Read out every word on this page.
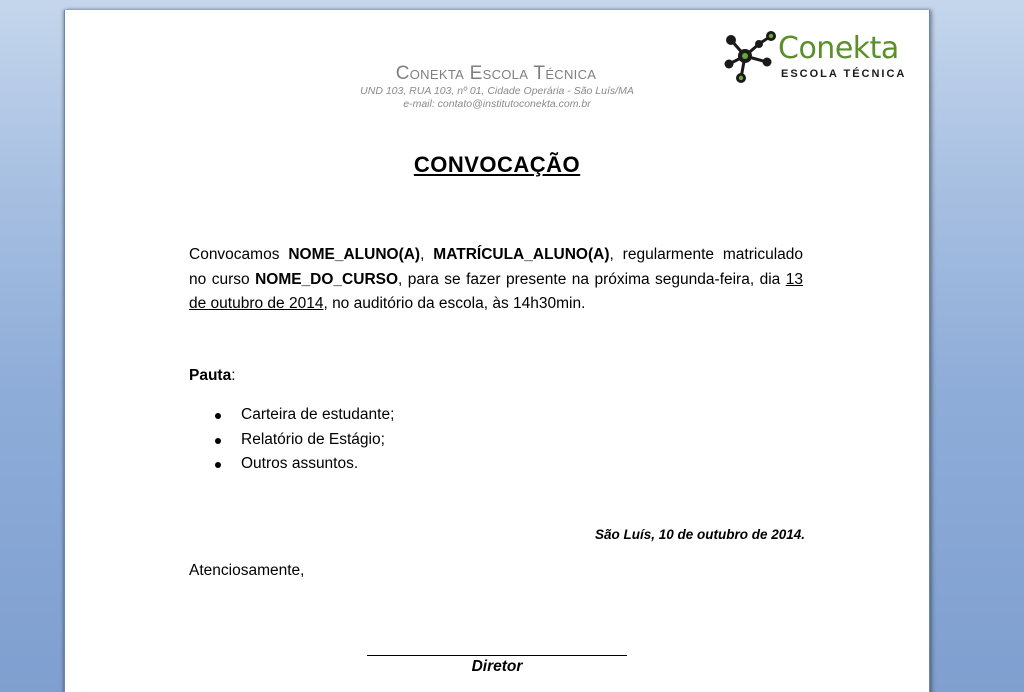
Conekta
ESCOLA TÉCNICA
Conekta Escola Técnica
UND 103, RUA 103, nº 01, Cidade Operária - São Luís/MA
e-mail: contato@institutoconekta.com.br
CONVOCAÇÃO
Convocamos NOME_ALUNO(A), MATRÍCULA_ALUNO(A), regularmente matriculado no curso NOME_DO_CURSO, para se fazer presente na próxima segunda-feira, dia 13 de outubro de 2014, no auditório da escola, às 14h30min.
Pauta:
Carteira de estudante;
Relatório de Estágio;
Outros assuntos.
São Luís, 10 de outubro de 2014.
Atenciosamente,
Diretor
